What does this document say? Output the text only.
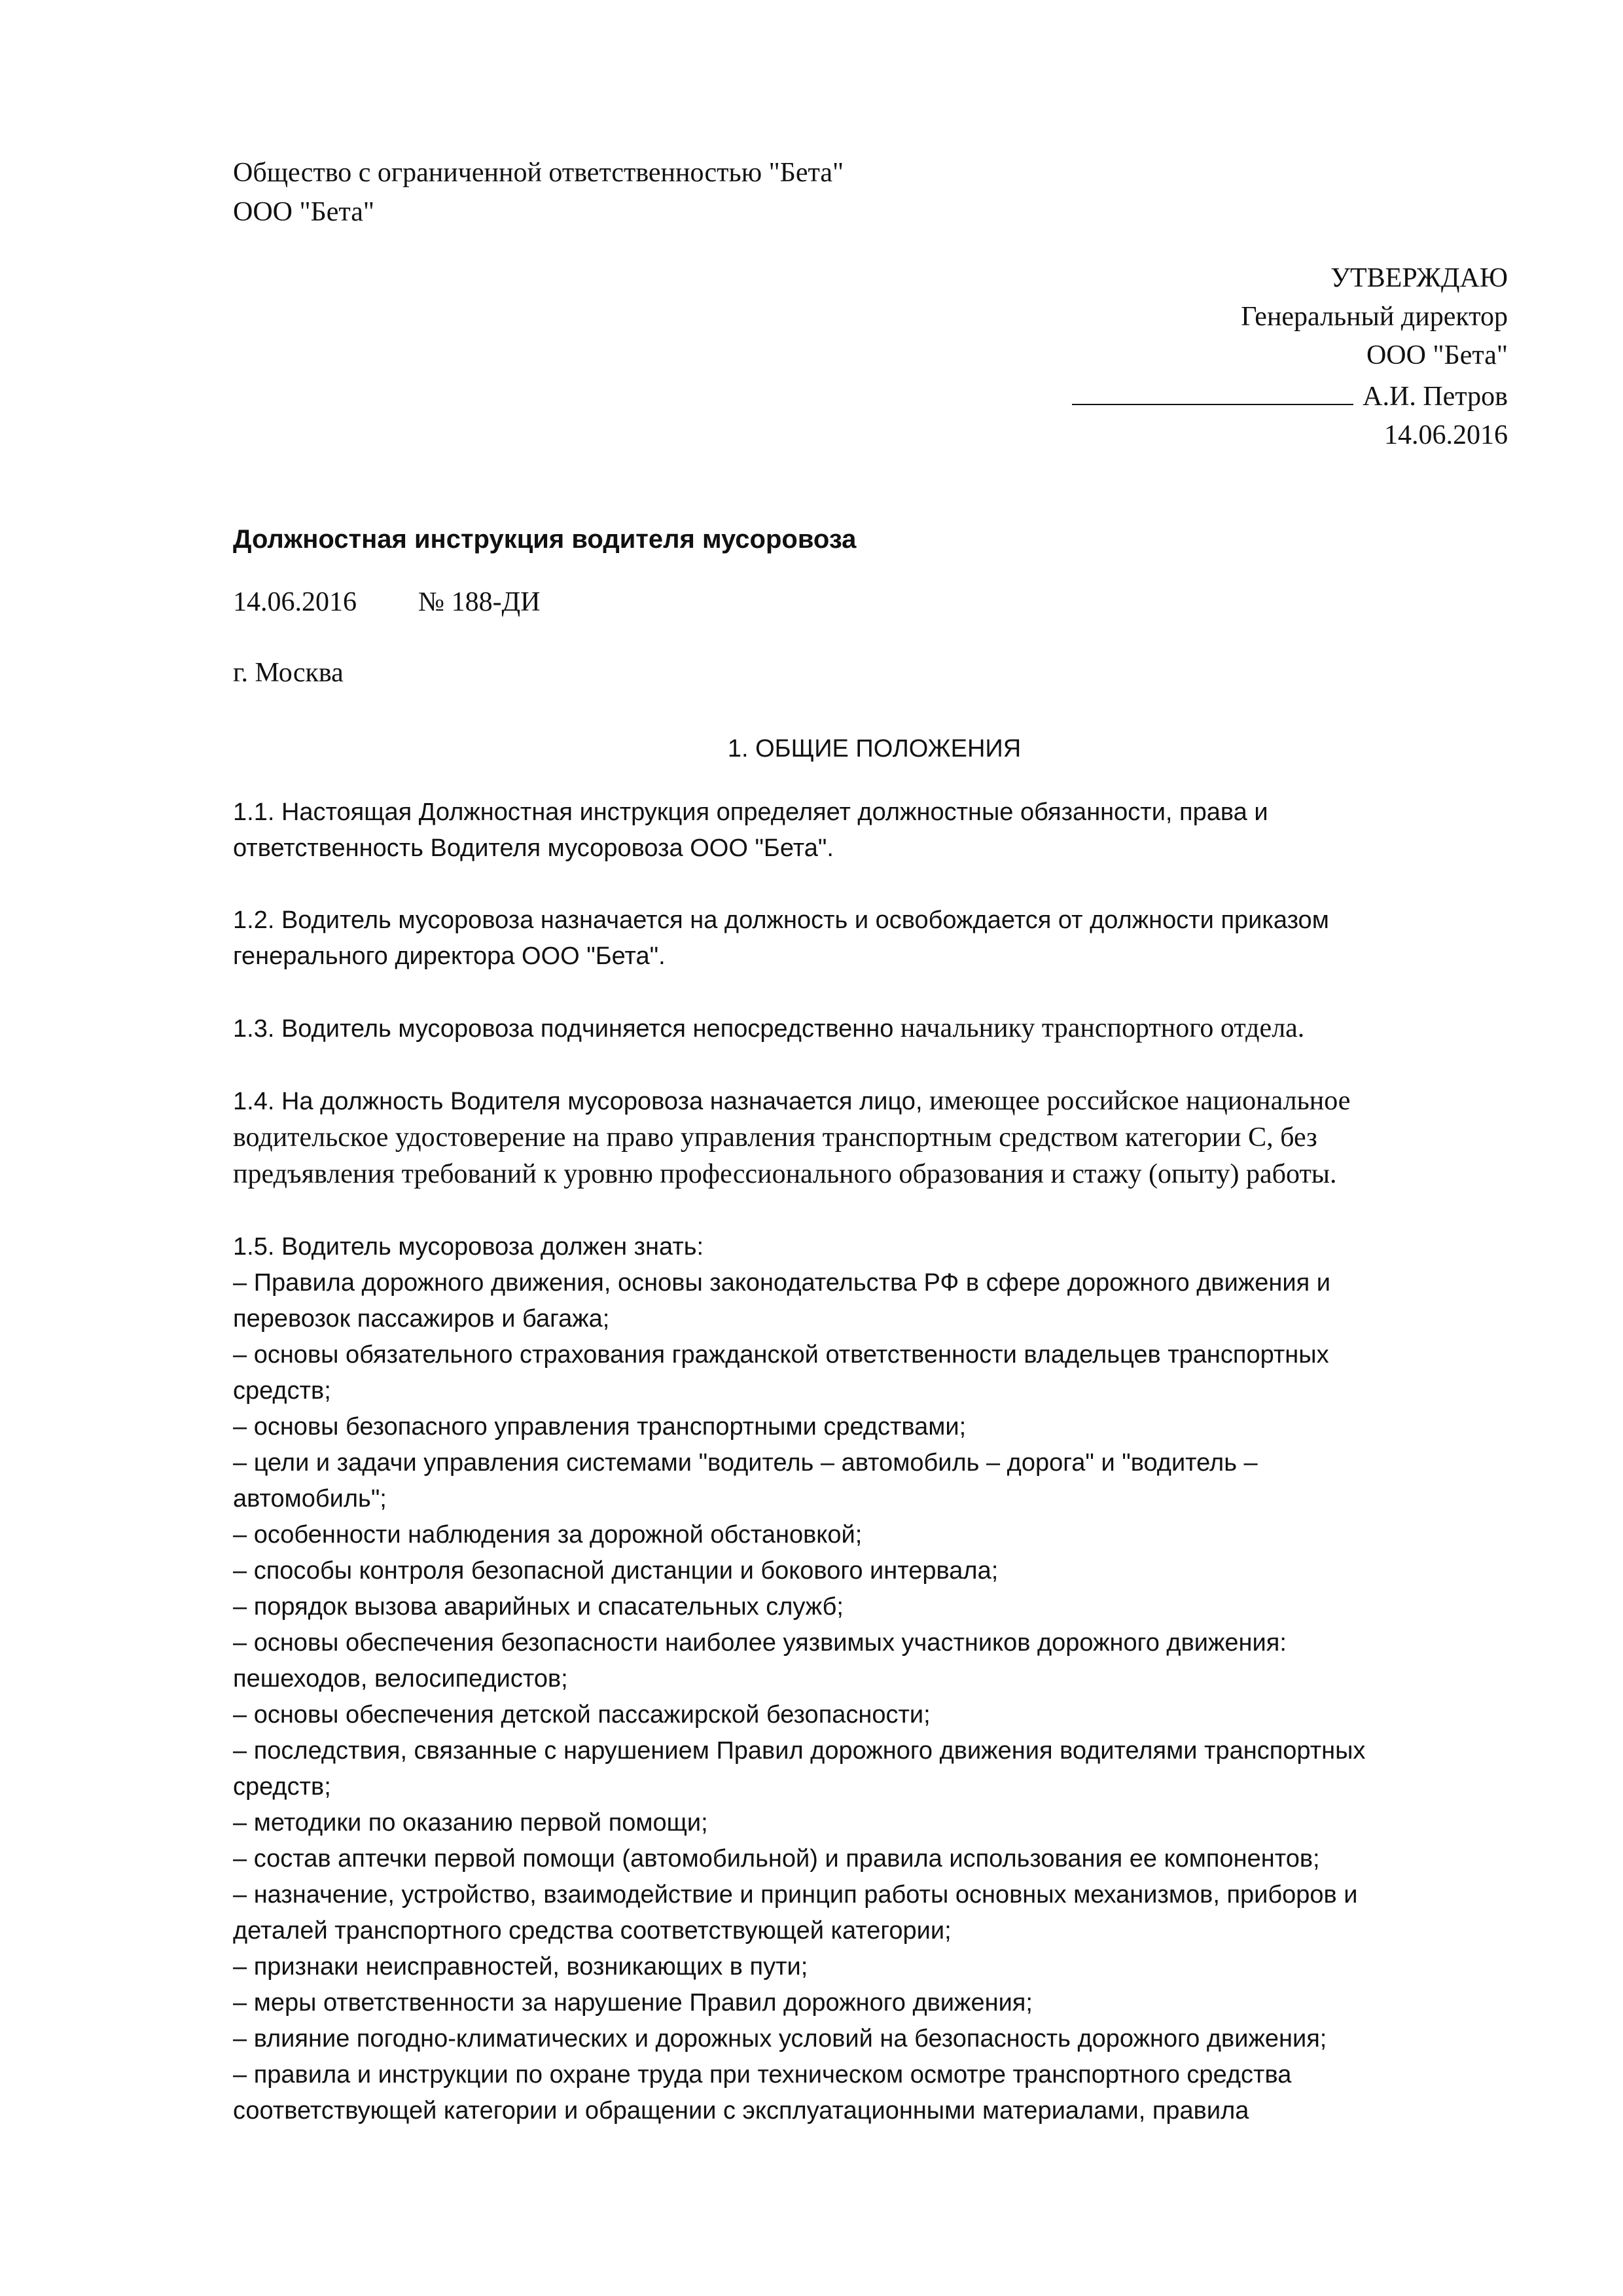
Общество с ограниченной ответственностью "Бета"
ООО "Бета"
УТВЕРЖДАЮ
Генеральный директор
ООО "Бета"
А.И. Петров
14.06.2016
Должностная инструкция водителя мусоровоза
14.06.2016 № 188-ДИ
г. Москва
1. ОБЩИЕ ПОЛОЖЕНИЯ

1.1. Настоящая Должностная инструкция определяет должностные обязанности, права и
ответственность Водителя мусоровоза ООО "Бета".

1.2. Водитель мусоровоза назначается на должность и освобождается от должности приказом
генерального директора ООО "Бета".

1.3. Водитель мусоровоза подчиняется непосредственно начальнику транспортного отдела.

1.4. На должность Водителя мусоровоза назначается лицо, имеющее российское национальное
водительское удостоверение на право управления транспортным средством категории C, без
предъявления требований к уровню профессионального образования и стажу (опыту) работы.

1.5. Водитель мусоровоза должен знать:
– Правила дорожного движения, основы законодательства РФ в сфере дорожного движения и
перевозок пассажиров и багажа;
– основы обязательного страхования гражданской ответственности владельцев транспортных
средств;
– основы безопасного управления транспортными средствами;
– цели и задачи управления системами "водитель – автомобиль – дорога" и "водитель –
автомобиль";
– особенности наблюдения за дорожной обстановкой;
– способы контроля безопасной дистанции и бокового интервала;
– порядок вызова аварийных и спасательных служб;
– основы обеспечения безопасности наиболее уязвимых участников дорожного движения:
пешеходов, велосипедистов;
– основы обеспечения детской пассажирской безопасности;
– последствия, связанные с нарушением Правил дорожного движения водителями транспортных
средств;
– методики по оказанию первой помощи;
– состав аптечки первой помощи (автомобильной) и правила использования ее компонентов;
– назначение, устройство, взаимодействие и принцип работы основных механизмов, приборов и
деталей транспортного средства соответствующей категории;
– признаки неисправностей, возникающих в пути;
– меры ответственности за нарушение Правил дорожного движения;
– влияние погодно-климатических и дорожных условий на безопасность дорожного движения;
– правила и инструкции по охране труда при техническом осмотре транспортного средства
соответствующей категории и обращении с эксплуатационными материалами, правила
